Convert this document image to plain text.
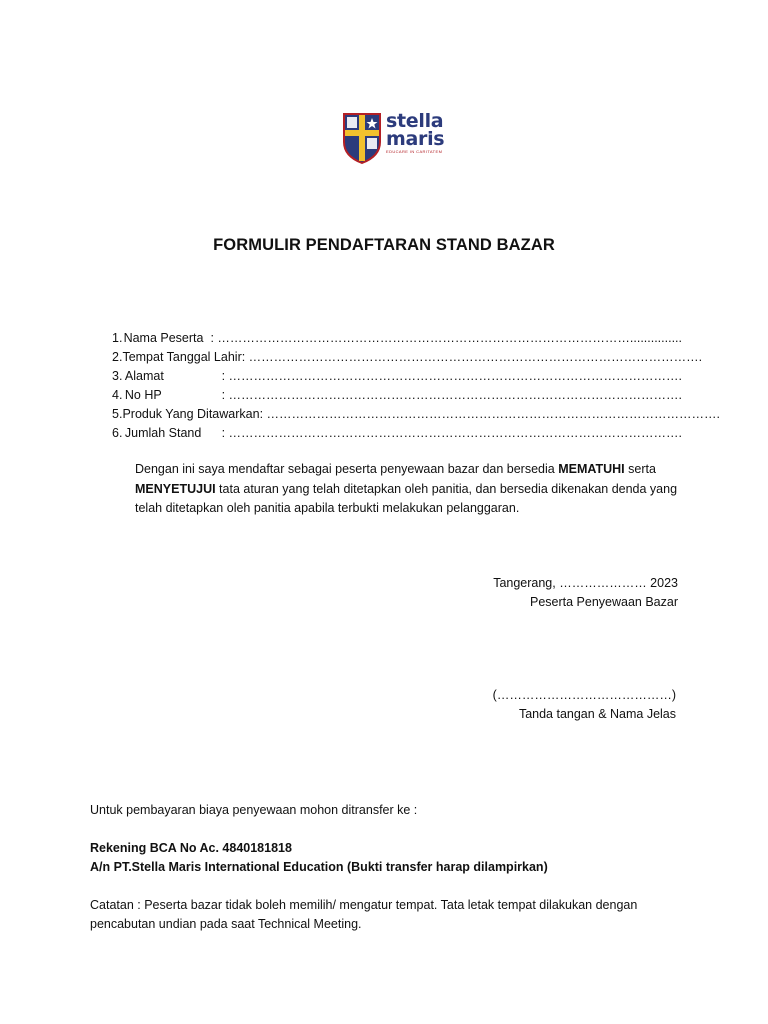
stella
maris
EDUCARE IN CARITATEM
FORMULIR PENDAFTARAN STAND BAZAR
1. Nama Peserta : ………………………………………………………………………………………...............
2. Tempat Tanggal Lahir : ……………………………………………………………………………………………….
3. Alamat	: ……………………………………………………………………………………………….
4. No HP	: ……………………………………………………………………………………………….
5. Produk Yang Ditawarkan : ……………………………………………………………………………………………….
6. Jumlah Stand	: ……………………………………………………………………………………………….
Dengan ini saya mendaftar sebagai peserta penyewaan bazar dan bersedia MEMATUHI serta MENYETUJUI tata aturan yang telah ditetapkan oleh panitia, dan bersedia dikenakan denda yang telah ditetapkan oleh panitia apabila terbukti melakukan pelanggaran.
Tangerang, ………………… 2023
Peserta Penyewaan Bazar
(……………………………………)
Tanda tangan & Nama Jelas
Untuk pembayaran biaya penyewaan mohon ditransfer ke :
Rekening BCA No Ac. 4840181818
A/n PT.Stella Maris International Education (Bukti transfer harap dilampirkan)
Catatan : Peserta bazar tidak boleh memilih/ mengatur tempat. Tata letak tempat dilakukan dengan pencabutan undian pada saat Technical Meeting.
